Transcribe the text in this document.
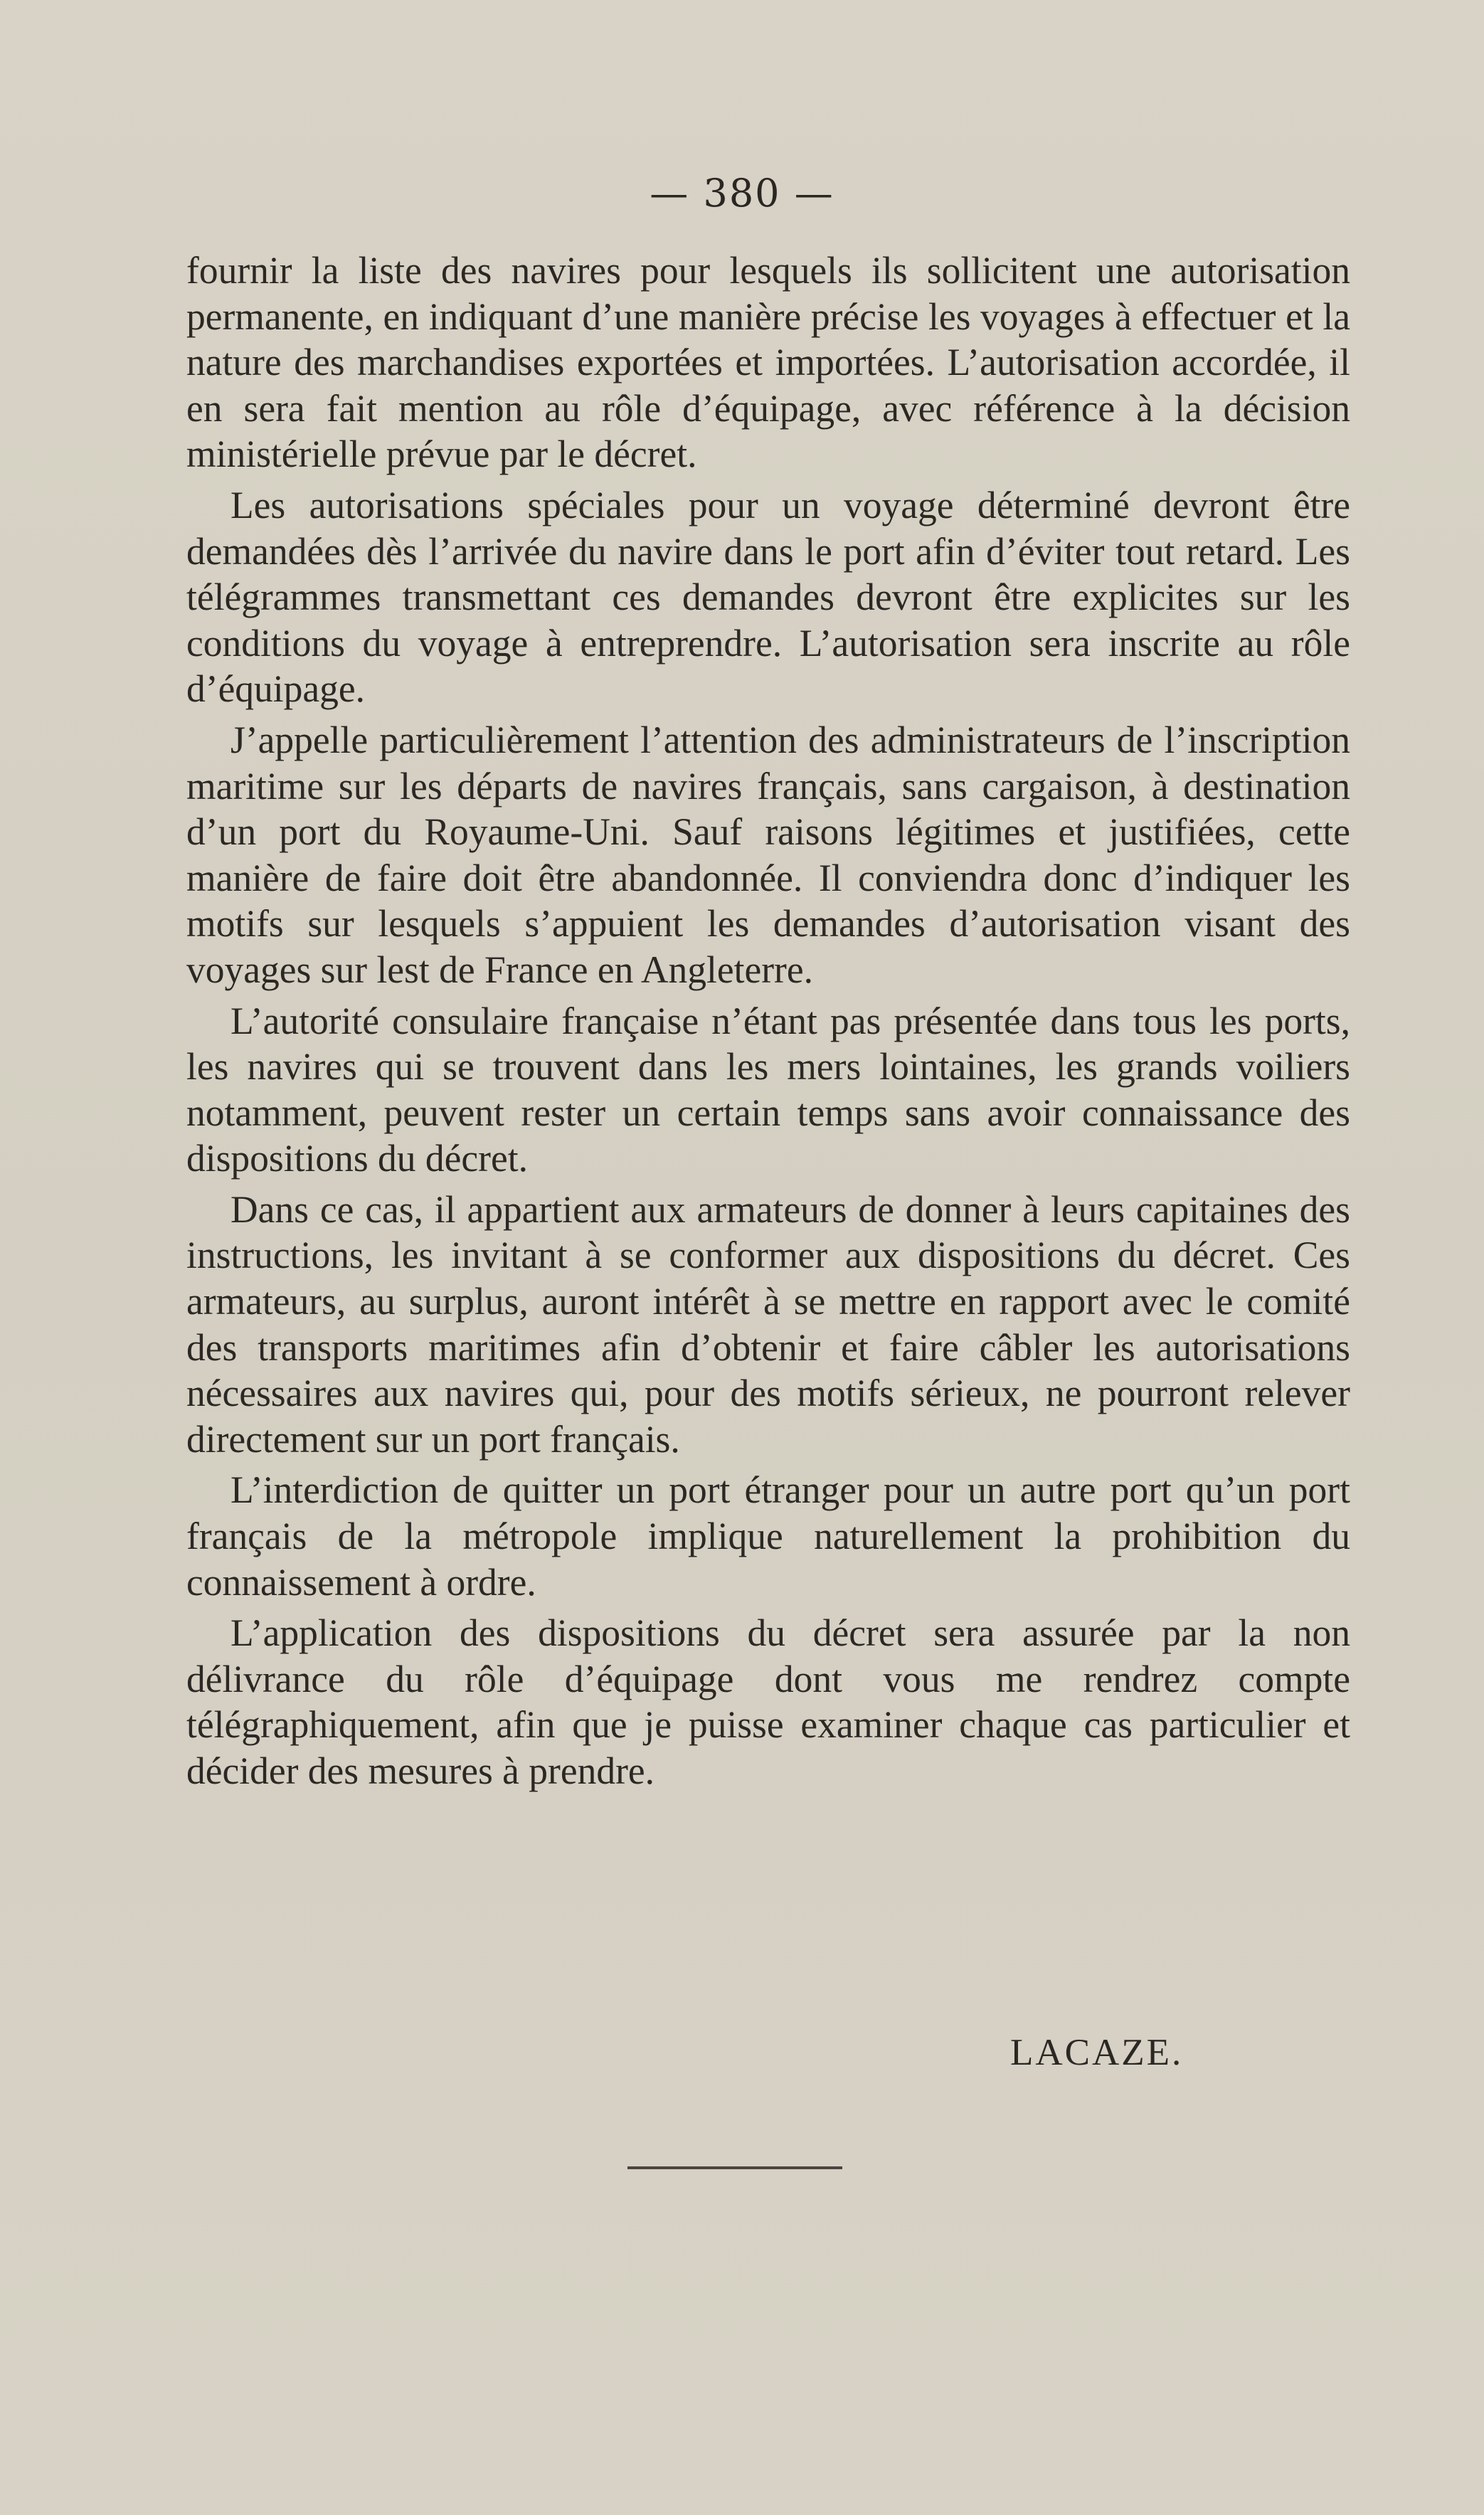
— 380 —

fournir la liste des navires pour lesquels ils sollicitent une autorisation permanente, en indiquant d’une manière précise les voyages à effectuer et la nature des marchandises exportées et importées. L’autorisation accordée, il en sera fait mention au rôle d’équipage, avec référence à la décision ministérielle prévue par le décret.

Les autorisations spéciales pour un voyage déterminé devront être demandées dès l’arrivée du navire dans le port afin d’éviter tout retard. Les télégrammes transmettant ces demandes devront être explicites sur les conditions du voyage à entreprendre. L’autorisation sera inscrite au rôle d’équipage.

J’appelle particulièrement l’attention des administrateurs de l’inscription maritime sur les départs de navires français, sans cargaison, à destination d’un port du Royaume-Uni. Sauf raisons légitimes et justifiées, cette manière de faire doit être abandonnée. Il conviendra donc d’indiquer les motifs sur lesquels s’appuient les demandes d’autorisation visant des voyages sur lest de France en Angleterre.

L’autorité consulaire française n’étant pas présentée dans tous les ports, les navires qui se trouvent dans les mers lointaines, les grands voiliers notamment, peuvent rester un certain temps sans avoir connaissance des dispositions du décret.

Dans ce cas, il appartient aux armateurs de donner à leurs capitaines des instructions, les invitant à se conformer aux dispositions du décret. Ces armateurs, au surplus, auront intérêt à se mettre en rapport avec le comité des transports maritimes afin d’obtenir et faire câbler les autorisations nécessaires aux navires qui, pour des motifs sérieux, ne pourront relever directement sur un port français.

L’interdiction de quitter un port étranger pour un autre port qu’un port français de la métropole implique naturellement la prohibition du connaissement à ordre.

L’application des dispositions du décret sera assurée par la non délivrance du rôle d’équipage dont vous me rendrez compte télégraphiquement, afin que je puisse examiner chaque cas particulier et décider des mesures à prendre.

LACAZE.
